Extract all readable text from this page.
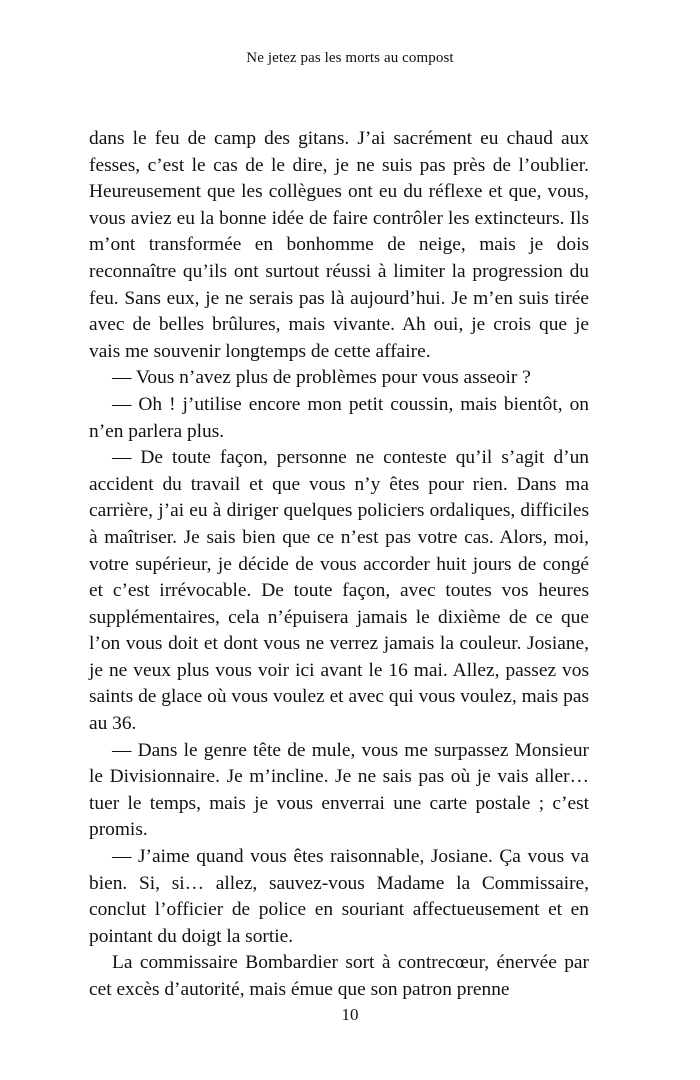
Ne jetez pas les morts au compost

dans le feu de camp des gitans. J’ai sacrément eu chaud aux fesses, c’est le cas de le dire, je ne suis pas près de l’oublier. Heureusement que les collègues ont eu du réflexe et que, vous, vous aviez eu la bonne idée de faire contrôler les extincteurs. Ils m’ont transformée en bonhomme de neige, mais je dois reconnaître qu’ils ont surtout réussi à limiter la progression du feu. Sans eux, je ne serais pas là aujourd’hui. Je m’en suis tirée avec de belles brûlures, mais vivante. Ah oui, je crois que je vais me souvenir longtemps de cette affaire.

— Vous n’avez plus de problèmes pour vous asseoir ?

— Oh ! j’utilise encore mon petit coussin, mais bientôt, on n’en parlera plus.

— De toute façon, personne ne conteste qu’il s’agit d’un accident du travail et que vous n’y êtes pour rien. Dans ma carrière, j’ai eu à diriger quelques policiers ordaliques, difficiles à maîtriser. Je sais bien que ce n’est pas votre cas. Alors, moi, votre supérieur, je décide de vous accorder huit jours de congé et c’est irrévocable. De toute façon, avec toutes vos heures supplémentaires, cela n’épuisera jamais le dixième de ce que l’on vous doit et dont vous ne verrez jamais la couleur. Josiane, je ne veux plus vous voir ici avant le 16 mai. Allez, passez vos saints de glace où vous voulez et avec qui vous voulez, mais pas au 36.

— Dans le genre tête de mule, vous me surpassez Monsieur le Divisionnaire. Je m’incline. Je ne sais pas où je vais aller… tuer le temps, mais je vous enverrai une carte postale ; c’est promis.

— J’aime quand vous êtes raisonnable, Josiane. Ça vous va bien. Si, si… allez, sauvez-vous Madame la Commissaire, conclut l’officier de police en souriant affectueusement et en pointant du doigt la sortie.

La commissaire Bombardier sort à contrecœur, énervée par cet excès d’autorité, mais émue que son patron prenne

10
